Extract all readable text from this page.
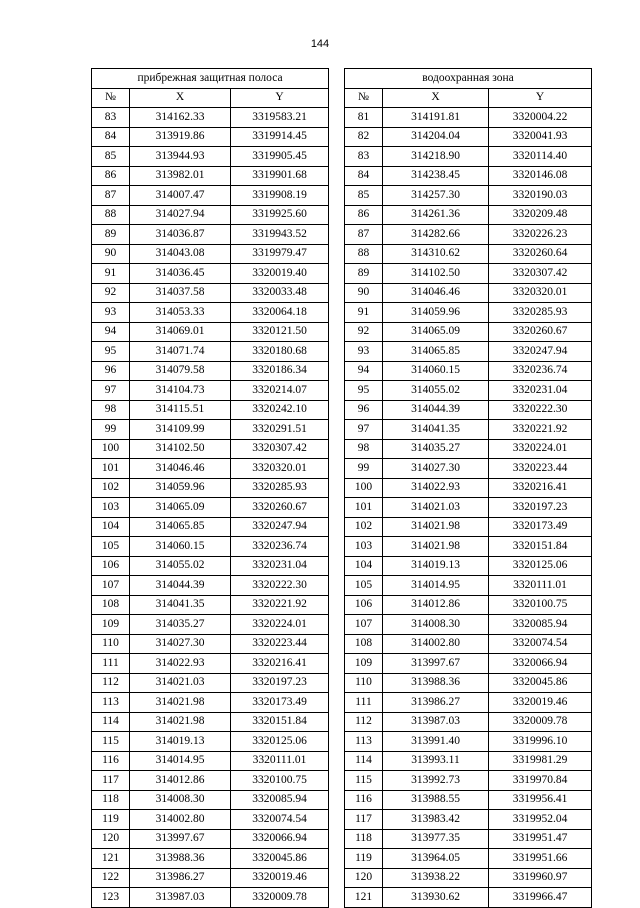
144
прибрежная защитная полоса		
№	X	Y
83	314162.33	3319583.21
84	313919.86	3319914.45
85	313944.93	3319905.45
86	313982.01	3319901.68
87	314007.47	3319908.19
88	314027.94	3319925.60
89	314036.87	3319943.52
90	314043.08	3319979.47
91	314036.45	3320019.40
92	314037.58	3320033.48
93	314053.33	3320064.18
94	314069.01	3320121.50
95	314071.74	3320180.68
96	314079.58	3320186.34
97	314104.73	3320214.07
98	314115.51	3320242.10
99	314109.99	3320291.51
100	314102.50	3320307.42
101	314046.46	3320320.01
102	314059.96	3320285.93
103	314065.09	3320260.67
104	314065.85	3320247.94
105	314060.15	3320236.74
106	314055.02	3320231.04
107	314044.39	3320222.30
108	314041.35	3320221.92
109	314035.27	3320224.01
110	314027.30	3320223.44
111	314022.93	3320216.41
112	314021.03	3320197.23
113	314021.98	3320173.49
114	314021.98	3320151.84
115	314019.13	3320125.06
116	314014.95	3320111.01
117	314012.86	3320100.75
118	314008.30	3320085.94
119	314002.80	3320074.54
120	313997.67	3320066.94
121	313988.36	3320045.86
122	313986.27	3320019.46
123	313987.03	3320009.78
водоохранная зона		
№	X	Y
81	314191.81	3320004.22
82	314204.04	3320041.93
83	314218.90	3320114.40
84	314238.45	3320146.08
85	314257.30	3320190.03
86	314261.36	3320209.48
87	314282.66	3320226.23
88	314310.62	3320260.64
89	314102.50	3320307.42
90	314046.46	3320320.01
91	314059.96	3320285.93
92	314065.09	3320260.67
93	314065.85	3320247.94
94	314060.15	3320236.74
95	314055.02	3320231.04
96	314044.39	3320222.30
97	314041.35	3320221.92
98	314035.27	3320224.01
99	314027.30	3320223.44
100	314022.93	3320216.41
101	314021.03	3320197.23
102	314021.98	3320173.49
103	314021.98	3320151.84
104	314019.13	3320125.06
105	314014.95	3320111.01
106	314012.86	3320100.75
107	314008.30	3320085.94
108	314002.80	3320074.54
109	313997.67	3320066.94
110	313988.36	3320045.86
111	313986.27	3320019.46
112	313987.03	3320009.78
113	313991.40	3319996.10
114	313993.11	3319981.29
115	313992.73	3319970.84
116	313988.55	3319956.41
117	313983.42	3319952.04
118	313977.35	3319951.47
119	313964.05	3319951.66
120	313938.22	3319960.97
121	313930.62	3319966.47
